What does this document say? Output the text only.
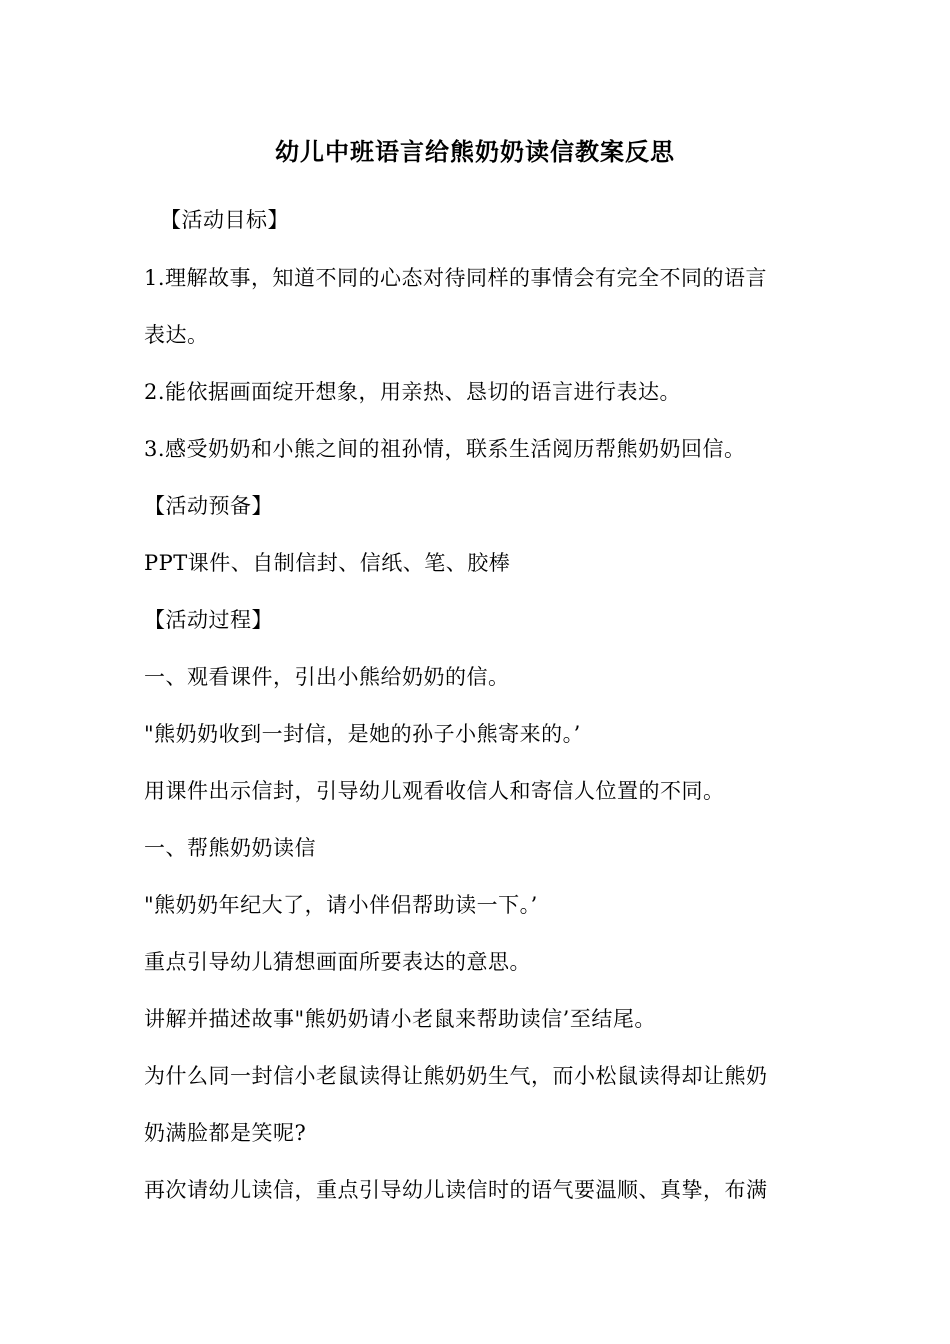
幼儿中班语言给熊奶奶读信教案反思
【活动目标】
1.理解故事，知道不同的心态对待同样的事情会有完全不同的语言
表达。
2.能依据画面绽开想象，用亲热、恳切的语言进行表达。
3.感受奶奶和小熊之间的祖孙情，联系生活阅历帮熊奶奶回信。
【活动预备】
PPT课件、自制信封、信纸、笔、胶棒
【活动过程】
一、观看课件，引出小熊给奶奶的信。
"熊奶奶收到一封信，是她的孙子小熊寄来的。’
用课件出示信封，引导幼儿观看收信人和寄信人位置的不同。
一、帮熊奶奶读信
"熊奶奶年纪大了，请小伴侣帮助读一下。’
重点引导幼儿猜想画面所要表达的意思。
讲解并描述故事"熊奶奶请小老鼠来帮助读信’至结尾。
为什么同一封信小老鼠读得让熊奶奶生气，而小松鼠读得却让熊奶
奶满脸都是笑呢?
再次请幼儿读信，重点引导幼儿读信时的语气要温顺、真挚，布满
